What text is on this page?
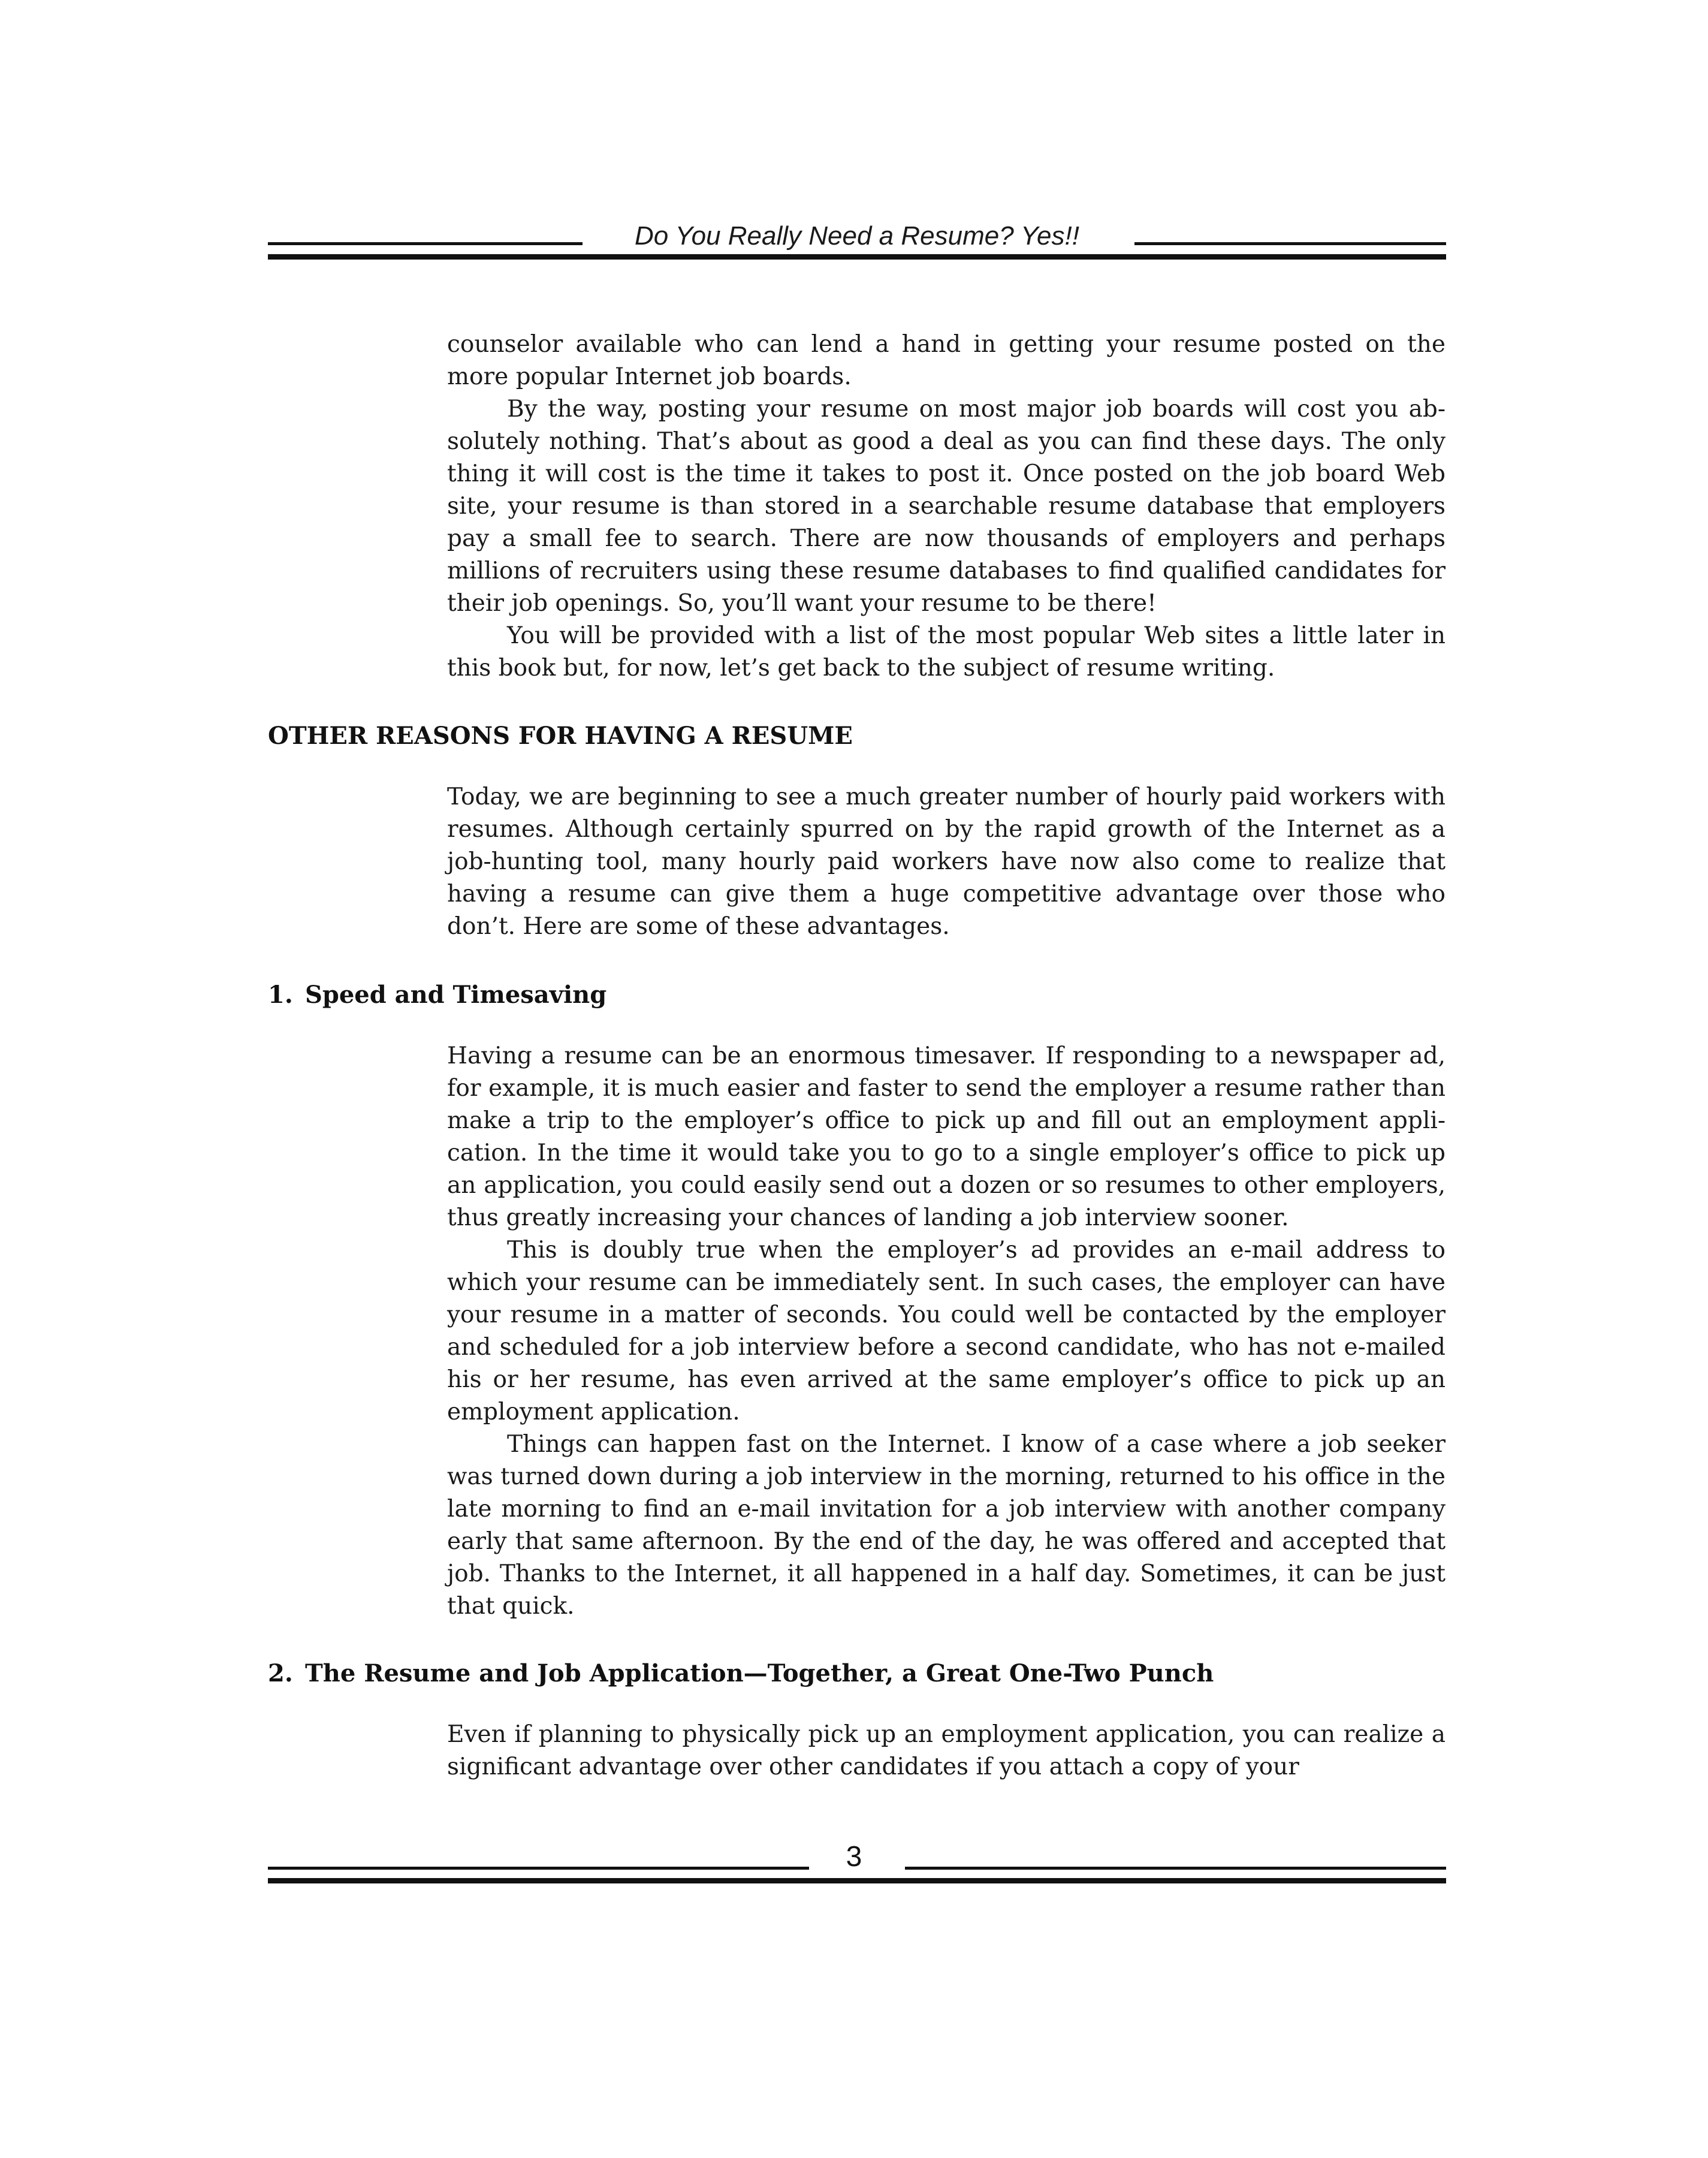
Do You Really Need a Resume? Yes!!

counselor available who can lend a hand in getting your resume posted on the more popular Internet job boards.

By the way, posting your resume on most major job boards will cost you absolutely nothing. That’s about as good a deal as you can find these days. The only thing it will cost is the time it takes to post it. Once posted on the job board Web site, your resume is than stored in a searchable resume database that employers pay a small fee to search. There are now thousands of employers and perhaps millions of recruiters using these resume databases to find qualified candidates for their job openings. So, you’ll want your resume to be there!

You will be provided with a list of the most popular Web sites a little later in this book but, for now, let’s get back to the subject of resume writing.

OTHER REASONS FOR HAVING A RESUME

Today, we are beginning to see a much greater number of hourly paid workers with resumes. Although certainly spurred on by the rapid growth of the Internet as a job-hunting tool, many hourly paid workers have now also come to realize that having a resume can give them a huge competitive advantage over those who don’t. Here are some of these advantages.

1. Speed and Timesaving

Having a resume can be an enormous timesaver. If responding to a newspaper ad, for example, it is much easier and faster to send the employer a resume rather than make a trip to the employer’s office to pick up and fill out an employment application. In the time it would take you to go to a single employer’s office to pick up an application, you could easily send out a dozen or so resumes to other employers, thus greatly increasing your chances of landing a job interview sooner.

This is doubly true when the employer’s ad provides an e-mail address to which your resume can be immediately sent. In such cases, the employer can have your resume in a matter of seconds. You could well be contacted by the employer and scheduled for a job interview before a second candidate, who has not e-mailed his or her resume, has even arrived at the same employer’s office to pick up an employment application.

Things can happen fast on the Internet. I know of a case where a job seeker was turned down during a job interview in the morning, returned to his office in the late morning to find an e-mail invitation for a job interview with another company early that same afternoon. By the end of the day, he was offered and accepted that job. Thanks to the Internet, it all happened in a half day. Sometimes, it can be just that quick.

2. The Resume and Job Application—Together, a Great One-Two Punch

Even if planning to physically pick up an employment application, you can realize a significant advantage over other candidates if you attach a copy of your

3
